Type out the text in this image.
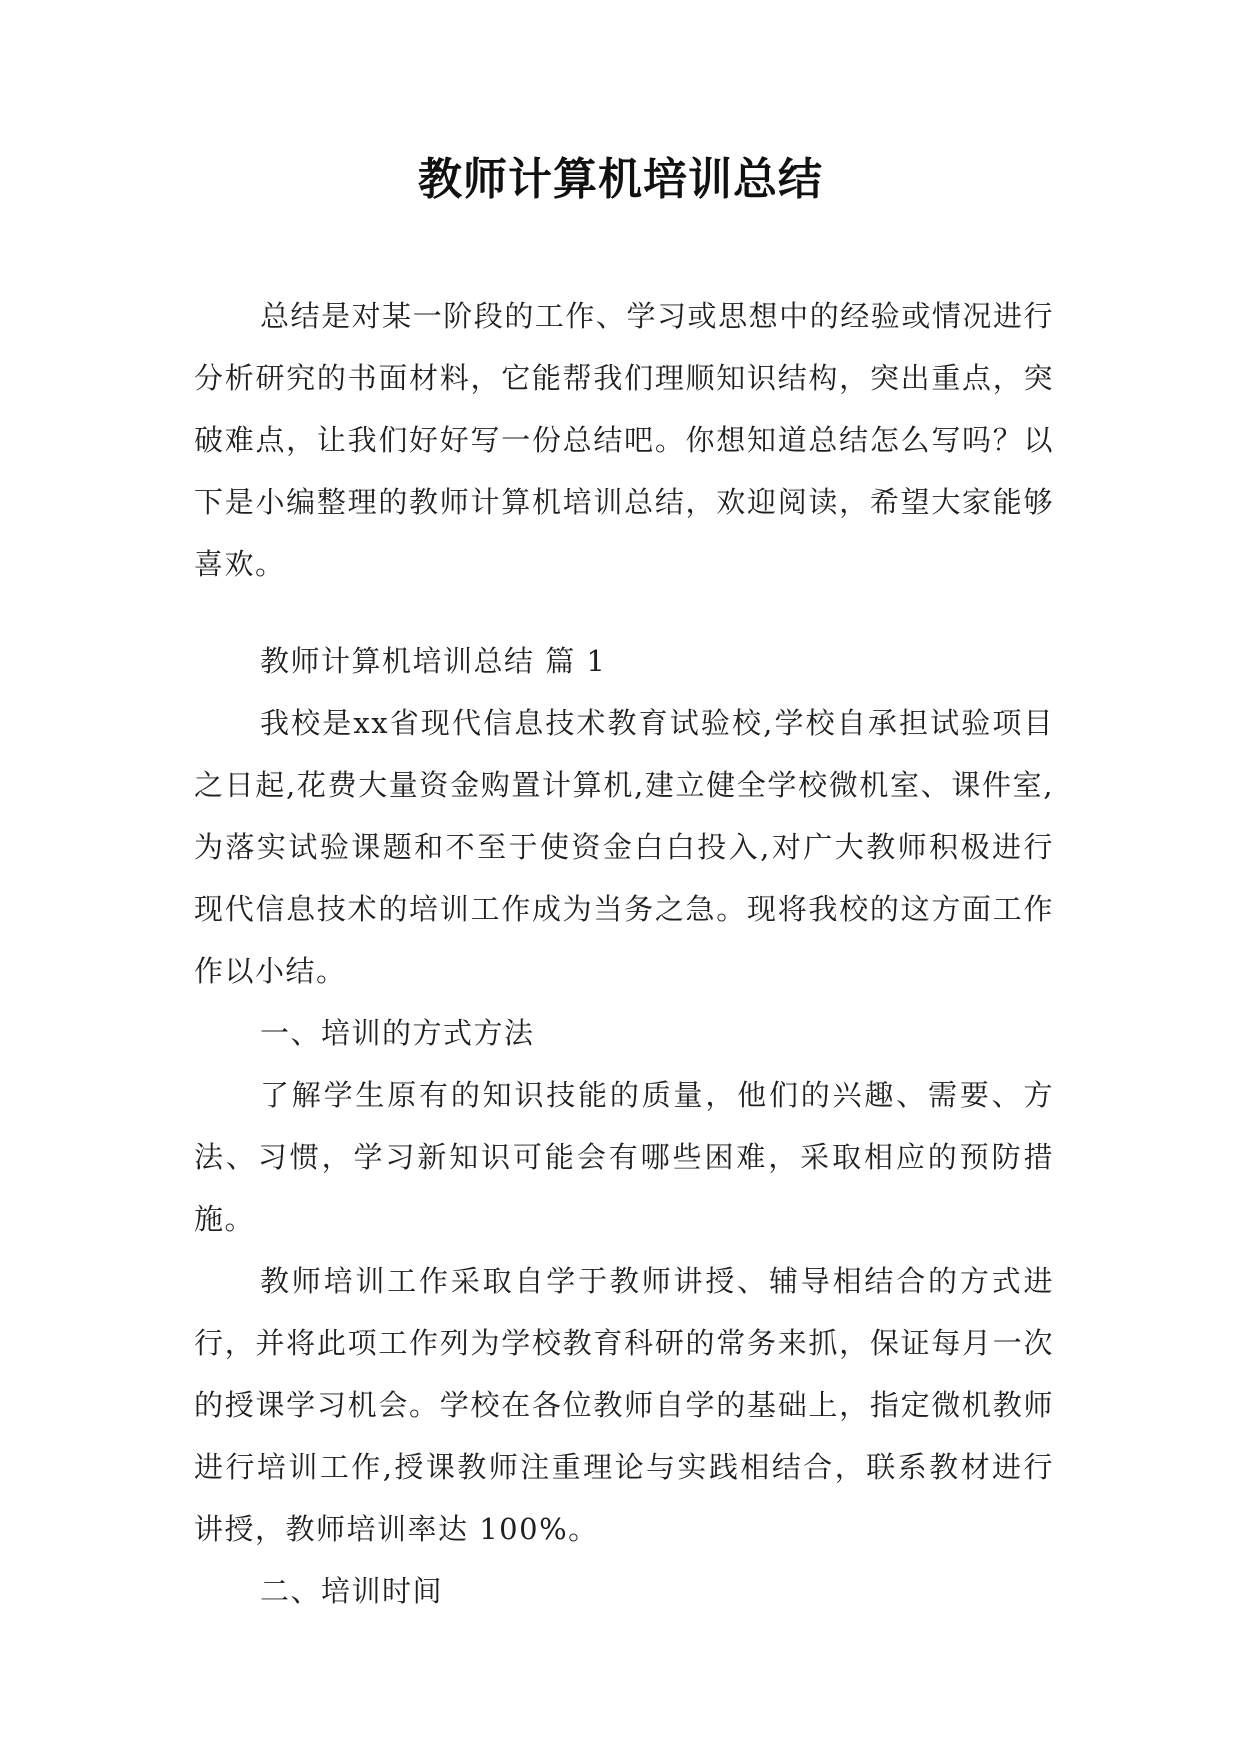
教师计算机培训总结

总结是对某一阶段的工作、学习或思想中的经验或情况进行分析研究的书面材料，它能帮我们理顺知识结构，突出重点，突破难点，让我们好好写一份总结吧。你想知道总结怎么写吗？以下是小编整理的教师计算机培训总结，欢迎阅读，希望大家能够喜欢。

教师计算机培训总结 篇 1

我校是xx省现代信息技术教育试验校,学校自承担试验项目之日起,花费大量资金购置计算机,建立健全学校微机室、课件室,为落实试验课题和不至于使资金白白投入,对广大教师积极进行现代信息技术的培训工作成为当务之急。现将我校的这方面工作作以小结。

一、培训的方式方法

了解学生原有的知识技能的质量，他们的兴趣、需要、方法、习惯，学习新知识可能会有哪些困难，采取相应的预防措施。

教师培训工作采取自学于教师讲授、辅导相结合的方式进行，并将此项工作列为学校教育科研的常务来抓，保证每月一次的授课学习机会。学校在各位教师自学的基础上，指定微机教师进行培训工作,授课教师注重理论与实践相结合，联系教材进行讲授，教师培训率达 100%。

二、培训时间
